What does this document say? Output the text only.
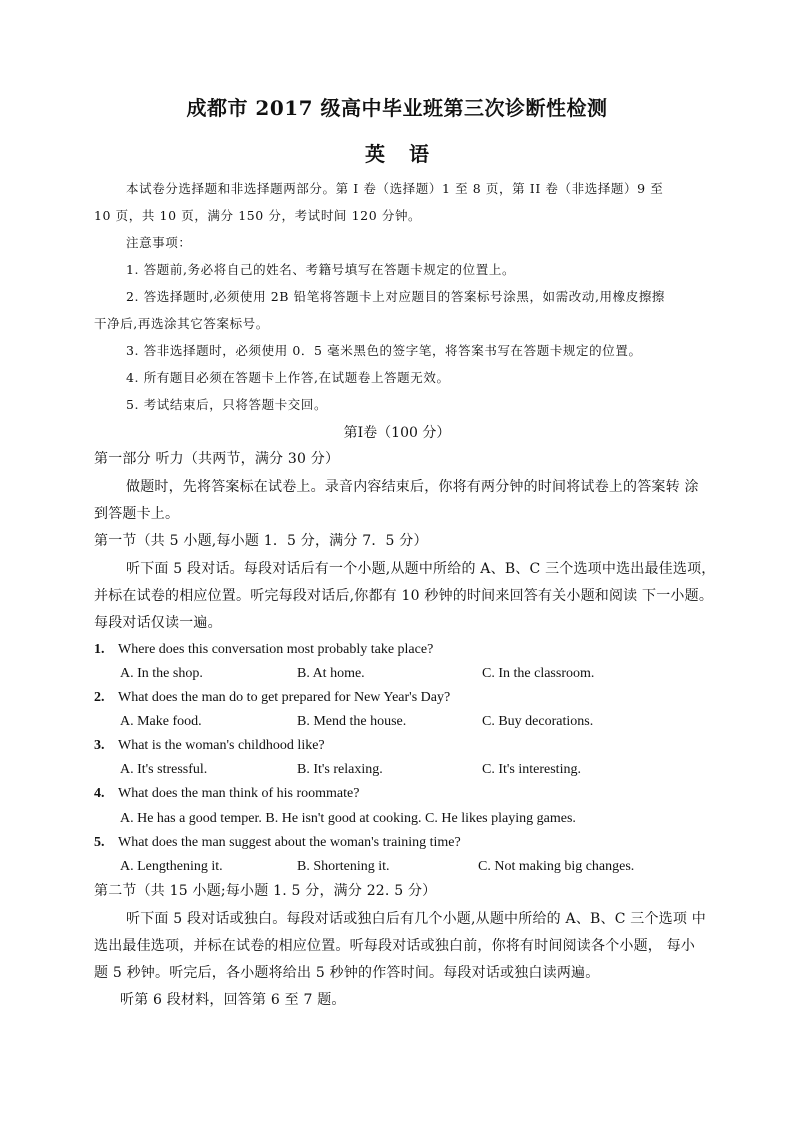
成都市 2017 级高中毕业班第三次诊断性检测
英语
本试卷分选择题和非选择题两部分。第 I 卷（选择题）1 至 8 页，第 II 卷（非选择题）9 至
10 页，共 10 页，满分 150 分，考试时间 120 分钟。
注意事项：
1. 答题前,务必将自己的姓名、考籍号填写在答题卡规定的位置上。
2. 答选择题时,必须使用 2B 铅笔将答题卡上对应题目的答案标号涂黑，如需改动,用橡皮擦擦
干净后,再选涂其它答案标号。
3. 答非选择题时，必须使用 0．5 毫米黑色的签字笔，将答案书写在答题卡规定的位置。
4. 所有题目必须在答题卡上作答,在试题卷上答题无效。
5. 考试结束后，只将答题卡交回。
第Ⅰ卷（100 分）
第一部分 听力（共两节，满分 30 分）
做题时，先将答案标在试卷上。录音内容结束后，你将有两分钟的时间将试卷上的答案转 涂
到答题卡上。
第一节（共 5 小题,每小题 1．5 分，满分 7．5 分）
听下面 5 段对话。每段对话后有一个小题,从题中所给的 A、B、C 三个选项中选出最佳选项，
并标在试卷的相应位置。听完每段对话后,你都有 10 秒钟的时间来回答有关小题和阅读 下一小题。
每段对话仅读一遍。
1. Where does this conversation most probably take place?
A. In the shop.	B. At home.	C. In the classroom.
2. What does the man do to get prepared for New Year's Day?
A. Make food.	B. Mend the house.	C. Buy decorations.
3. What is the woman's childhood like?
A. It's stressful.	B. It's relaxing.	C. It's interesting.
4. What does the man think of his roommate?
A. He has a good temper. B. He isn't good at cooking. C. He likes playing games.
5. What does the man suggest about the woman's training time?
A. Lengthening it.	B. Shortening it.	C. Not making big changes.
第二节（共 15 小题;每小题 1. 5 分，满分 22. 5 分）
听下面 5 段对话或独白。每段对话或独白后有几个小题,从题中所给的 A、B、C 三个选项 中
选出最佳选项，并标在试卷的相应位置。听每段对话或独白前，你将有时间阅读各个小题， 每小
题 5 秒钟。听完后，各小题将给出 5 秒钟的作答时间。每段对话或独白读两遍。
听第 6 段材料，回答第 6 至 7 题。
